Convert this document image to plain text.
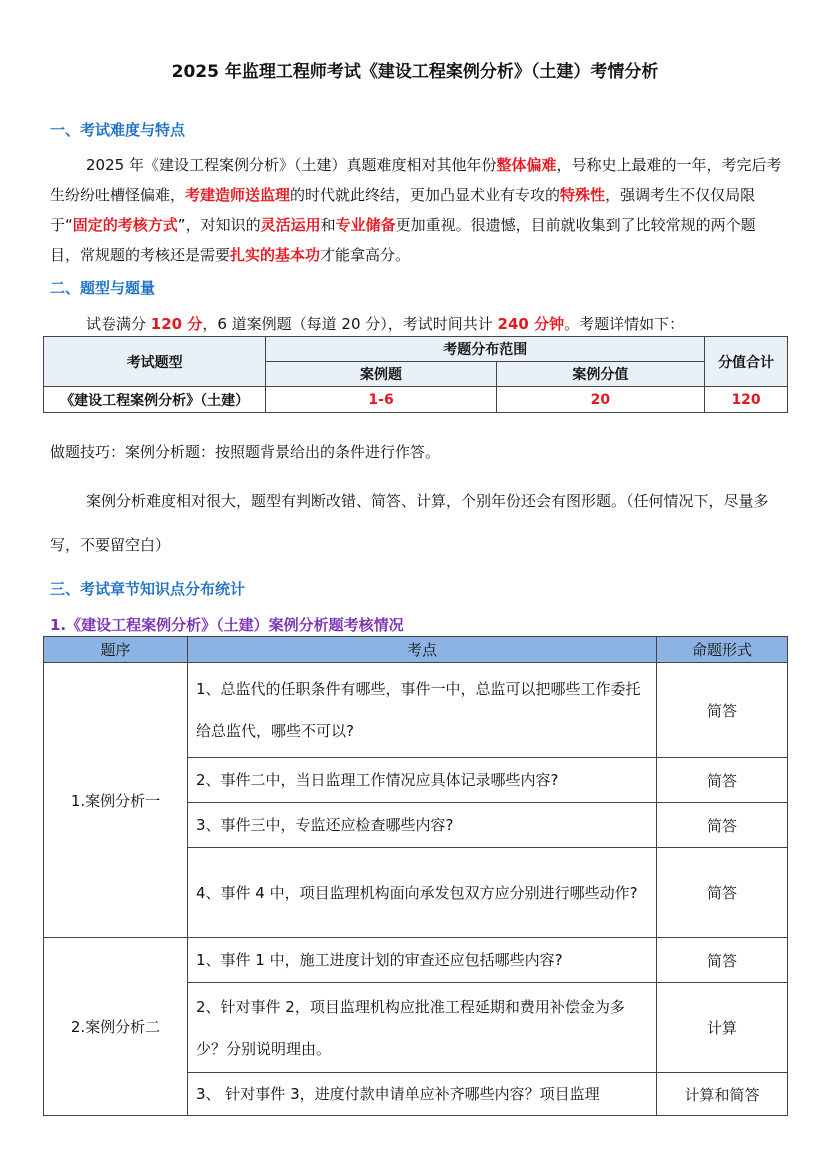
2025 年监理工程师考试《建设工程案例分析》（土建）考情分析
一、考试难度与特点

2025 年《建设工程案例分析》（土建）真题难度相对其他年份整体偏难，号称史上最难的一年，考完后考生纷纷吐槽怪偏难，考建造师送监理的时代就此终结，更加凸显术业有专攻的特殊性，强调考生不仅仅局限于“固定的考核方式”，对知识的灵活运用和专业储备更加重视。很遗憾，目前就收集到了比较常规的两个题目，常规题的考核还是需要扎实的基本功才能拿高分。

二、题型与题量

试卷满分 120 分，6 道案例题（每道 20 分），考试时间共计 240 分钟。考题详情如下：

考试题型	考题分布范围		分值合计
	案例题	案例分值	
《建设工程案例分析》（土建）	1-6	20	120
做题技巧：案例分析题：按照题背景给出的条件进行作答。

案例分析难度相对很大，题型有判断改错、简答、计算，个别年份还会有图形题。（任何情况下，尽量多写，不要留空白）

三、考试章节知识点分布统计
1.《建设工程案例分析》（土建）案例分析题考核情况
题序	考点	命题形式
1.案例分析一	1、总监代的任职条件有哪些，事件一中，总监可以把哪些工作委托给总监代，哪些不可以?	简答
	2、事件二中，当日监理工作情况应具体记录哪些内容?	简答
	3、事件三中，专监还应检查哪些内容?	简答
	4、事件 4 中，项目监理机构面向承发包双方应分别进行哪些动作?	简答
2.案例分析二	1、事件 1 中，施工进度计划的审查还应包括哪些内容?	简答
	2、针对事件 2，项目监理机构应批准工程延期和费用补偿金为多少？分别说明理由。	计算
	3、 针对事件 3，进度付款申请单应补齐哪些内容？项目监理	计算和简答
